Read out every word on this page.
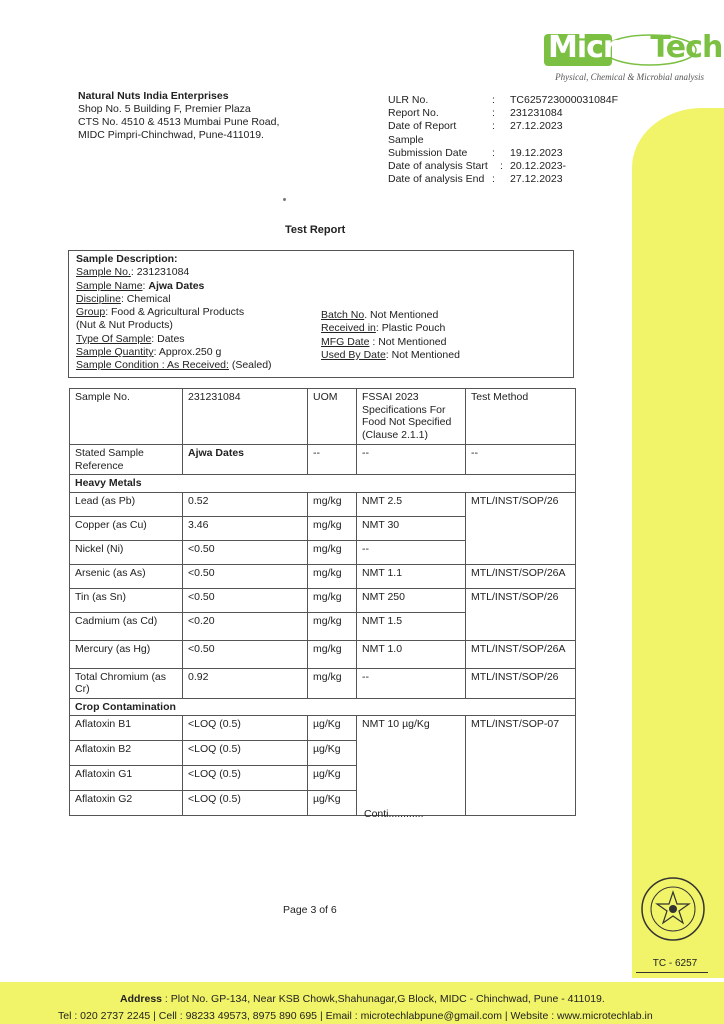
Micro Tech
Physical, Chemical & Microbial analysis
Natural Nuts India Enterprises
Shop No. 5 Building F, Premier Plaza
CTS No. 4510 & 4513 Mumbai Pune Road,
MIDC Pimpri-Chinchwad, Pune-411019.
ULR No.	:	TC625723000031084F
Report No.	:	231231084
Date of Report	:	27.12.2023
Sample
Submission Date	:	19.12.2023
Date of analysis Start	: 20.12.2023-
Date of analysis End :	27.12.2023
Test Report
Sample Description:
Sample No.: 231231084
Sample Name: Ajwa Dates
Discipline: Chemical
Group: Food & Agricultural Products
(Nut & Nut Products)
Type Of Sample: Dates
Sample Quantity: Approx.250 g
Sample Condition : As Received: (Sealed)
Batch No. Not Mentioned
Received in: Plastic Pouch
MFG Date : Not Mentioned
Used By Date: Not Mentioned
Sample No.	231231084	UOM	FSSAI 2023 Specifications For Food Not Specified (Clause 2.1.1)	Test Method
Stated Sample Reference	Ajwa Dates	--	--	--
Heavy Metals				
Lead (as Pb)	0.52	mg/kg	NMT 2.5	MTL/INST/SOP/26
Copper (as Cu)	3.46	mg/kg	NMT 30	
Nickel (Ni)	<0.50	mg/kg	--	
Arsenic (as As)	<0.50	mg/kg	NMT 1.1	MTL/INST/SOP/26A
Tin (as Sn)	<0.50	mg/kg	NMT 250	MTL/INST/SOP/26
Cadmium (as Cd)	<0.20	mg/kg	NMT 1.5	
Mercury (as Hg)	<0.50	mg/kg	NMT 1.0	MTL/INST/SOP/26A
Total Chromium (as Cr)	0.92	mg/kg	--	MTL/INST/SOP/26
Crop Contamination				
Aflatoxin B1	<LOQ (0.5)	µg/Kg	NMT 10 µg/Kg	MTL/INST/SOP-07
Aflatoxin B2	<LOQ (0.5)	µg/Kg		
Aflatoxin G1	<LOQ (0.5)	µg/Kg		
Aflatoxin G2	<LOQ (0.5)	µg/Kg		
Conti............
Page 3 of 6
TC - 6257
Address : Plot No. GP-134, Near KSB Chowk,Shahunagar,G Block, MIDC - Chinchwad, Pune - 411019.
Tel : 020 2737 2245 | Cell : 98233 49573, 8975 890 695 | Email : microtechlabpune@gmail.com | Website : www.microtechlab.in
